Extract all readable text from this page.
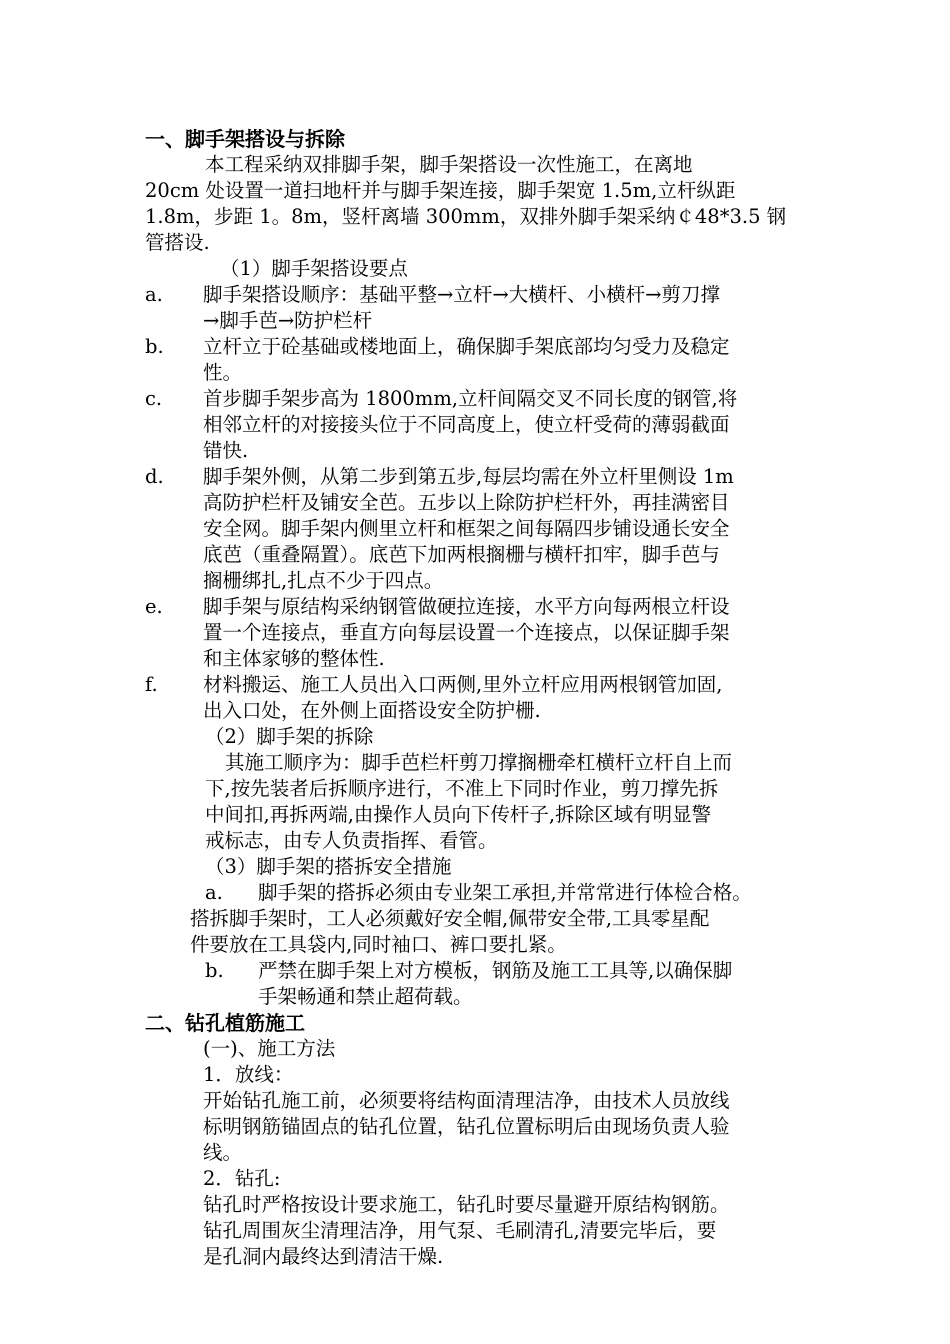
一、脚手架搭设与拆除
本工程采纳双排脚手架，脚手架搭设一次性施工，在离地
20cm 处设置一道扫地杆并与脚手架连接，脚手架宽 1.5m,立杆纵距
1.8m，步距 1。8m，竖杆离墙 300mm，双排外脚手架采纳￠48*3.5 钢
管搭设.
（1）脚手架搭设要点
a. 脚手架搭设顺序：基础平整→立杆→大横杆、小横杆→剪刀撑
→脚手芭→防护栏杆
b. 立杆立于砼基础或楼地面上，确保脚手架底部均匀受力及稳定
性。
c. 首步脚手架步高为 1800mm,立杆间隔交叉不同长度的钢管,将
相邻立杆的对接接头位于不同高度上，使立杆受荷的薄弱截面
错快.
d. 脚手架外侧，从第二步到第五步,每层均需在外立杆里侧设 1m
高防护栏杆及铺安全芭。五步以上除防护栏杆外，再挂满密目
安全网。脚手架内侧里立杆和框架之间每隔四步铺设通长安全
底芭（重叠隔置）。底芭下加两根搁栅与横杆扣牢，脚手芭与
搁栅绑扎,扎点不少于四点。
e. 脚手架与原结构采纳钢管做硬拉连接，水平方向每两根立杆设
置一个连接点，垂直方向每层设置一个连接点，以保证脚手架
和主体家够的整体性.
f. 材料搬运、施工人员出入口两侧,里外立杆应用两根钢管加固,
出入口处，在外侧上面搭设安全防护栅.
（2）脚手架的拆除
其施工顺序为：脚手芭栏杆剪刀撑搁栅牵杠横杆立杆自上而
下,按先装者后拆顺序进行，不准上下同时作业，剪刀撑先拆
中间扣,再拆两端,由操作人员向下传杆子,拆除区域有明显警
戒标志，由专人负责指挥、看管。
（3）脚手架的搭拆安全措施
a. 脚手架的搭拆必须由专业架工承担,并常常进行体检合格。
搭拆脚手架时，工人必须戴好安全帽,佩带安全带,工具零星配
件要放在工具袋内,同时袖口、裤口要扎紧。
b. 严禁在脚手架上对方模板，钢筋及施工工具等,以确保脚
手架畅通和禁止超荷载。
二、钻孔植筋施工
(一)、施工方法
1．放线：
开始钻孔施工前，必须要将结构面清理洁净，由技术人员放线
标明钢筋锚固点的钻孔位置，钻孔位置标明后由现场负责人验
线。
2．钻孔:
钻孔时严格按设计要求施工，钻孔时要尽量避开原结构钢筋。
钻孔周围灰尘清理洁净，用气泵、毛刷清孔,清要完毕后，要
是孔洞内最终达到清洁干燥.
